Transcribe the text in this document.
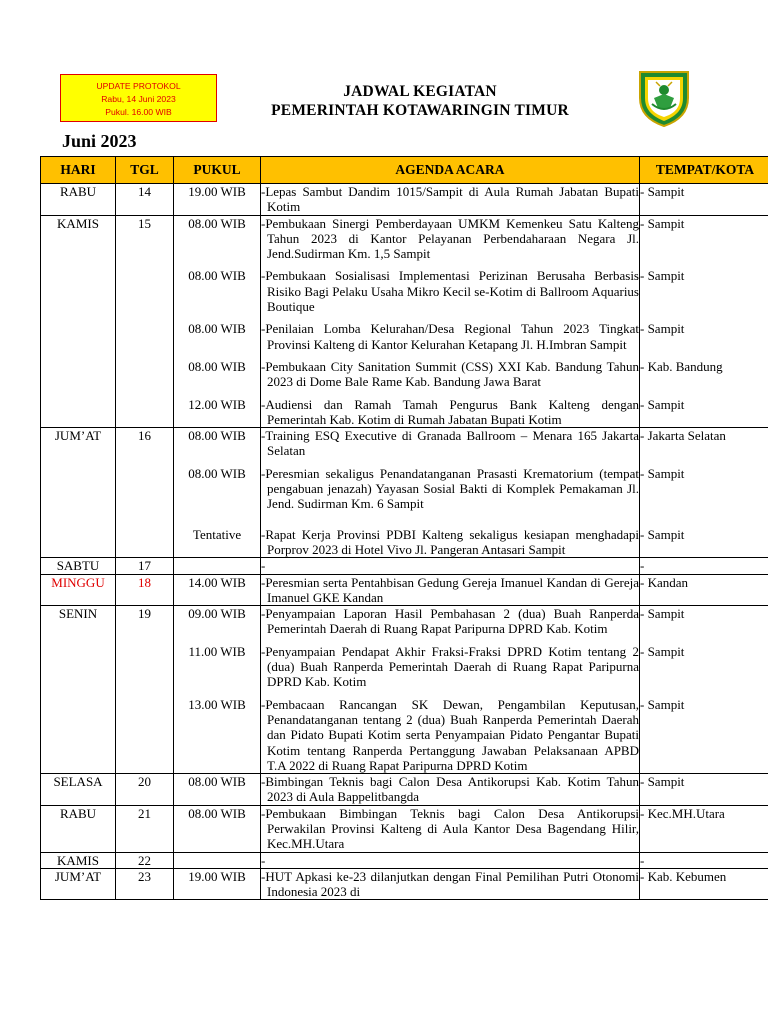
UPDATE PROTOKOL
Rabu, 14 Juni 2023
Pukul. 16.00 WIB
JADWAL KEGIATAN
PEMERINTAH KOTAWARINGIN TIMUR
Juni 2023
HARI	TGL	PUKUL	AGENDA ACARA	TEMPAT/KOTA
RABU	14	19.00 WIB	-Lepas Sambut Dandim 1015/Sampit di Aula Rumah Jabatan Bupati Kotim	- Sampit
KAMIS	15	08.00 WIB	-Pembukaan Sinergi Pemberdayaan UMKM Kemenkeu Satu Kalteng Tahun 2023 di Kantor Pelayanan Perbendaharaan Negara Jl. Jend.Sudirman Km. 1,5 Sampit	- Sampit
		08.00 WIB	-Pembukaan Sosialisasi Implementasi Perizinan Berusaha Berbasis Risiko Bagi Pelaku Usaha Mikro Kecil se-Kotim di Ballroom Aquarius Boutique	- Sampit
		08.00 WIB	-Penilaian Lomba Kelurahan/Desa Regional Tahun 2023 Tingkat Provinsi Kalteng di Kantor Kelurahan Ketapang Jl. H.Imbran Sampit	- Sampit
		08.00 WIB	-Pembukaan City Sanitation Summit (CSS) XXI Kab. Bandung Tahun 2023 di Dome Bale Rame Kab. Bandung Jawa Barat	- Kab. Bandung
		12.00 WIB	-Audiensi dan Ramah Tamah Pengurus Bank Kalteng dengan Pemerintah Kab. Kotim di Rumah Jabatan Bupati Kotim	- Sampit
JUM’AT	16	08.00 WIB	-Training ESQ Executive di Granada Ballroom – Menara 165 Jakarta Selatan	- Jakarta Selatan
		08.00 WIB	-Peresmian sekaligus Penandatanganan Prasasti Krematorium (tempat pengabuan jenazah) Yayasan Sosial Bakti di Komplek Pemakaman Jl. Jend. Sudirman Km. 6 Sampit	- Sampit
		Tentative	-Rapat Kerja Provinsi PDBI Kalteng sekaligus kesiapan menghadapi Porprov 2023 di Hotel Vivo Jl. Pangeran Antasari Sampit	- Sampit
SABTU	17		-	-
MINGGU	18	14.00 WIB	-Peresmian serta Pentahbisan Gedung Gereja Imanuel Kandan di Gereja Imanuel GKE Kandan	- Kandan
SENIN	19	09.00 WIB	-Penyampaian Laporan Hasil Pembahasan 2 (dua) Buah Ranperda Pemerintah Daerah di Ruang Rapat Paripurna DPRD Kab. Kotim	- Sampit
		11.00 WIB	-Penyampaian Pendapat Akhir Fraksi-Fraksi DPRD Kotim tentang 2 (dua) Buah Ranperda Pemerintah Daerah di Ruang Rapat Paripurna DPRD Kab. Kotim	- Sampit
		13.00 WIB	-Pembacaan Rancangan SK Dewan, Pengambilan Keputusan, Penandatanganan tentang 2 (dua) Buah Ranperda Pemerintah Daerah dan Pidato Bupati Kotim serta Penyampaian Pidato Pengantar Bupati Kotim tentang Ranperda Pertanggung Jawaban Pelaksanaan APBD T.A 2022 di Ruang Rapat Paripurna DPRD Kotim	- Sampit
SELASA	20	08.00 WIB	-Bimbingan Teknis bagi Calon Desa Antikorupsi Kab. Kotim Tahun 2023 di Aula Bappelitbangda	- Sampit
RABU	21	08.00 WIB	-Pembukaan Bimbingan Teknis bagi Calon Desa Antikorupsi Perwakilan Provinsi Kalteng di Aula Kantor Desa Bagendang Hilir, Kec.MH.Utara	- Kec.MH.Utara
KAMIS	22		-	-
JUM’AT	23	19.00 WIB	-HUT Apkasi ke-23 dilanjutkan dengan Final Pemilihan Putri Otonomi Indonesia 2023 di	- Kab. Kebumen
